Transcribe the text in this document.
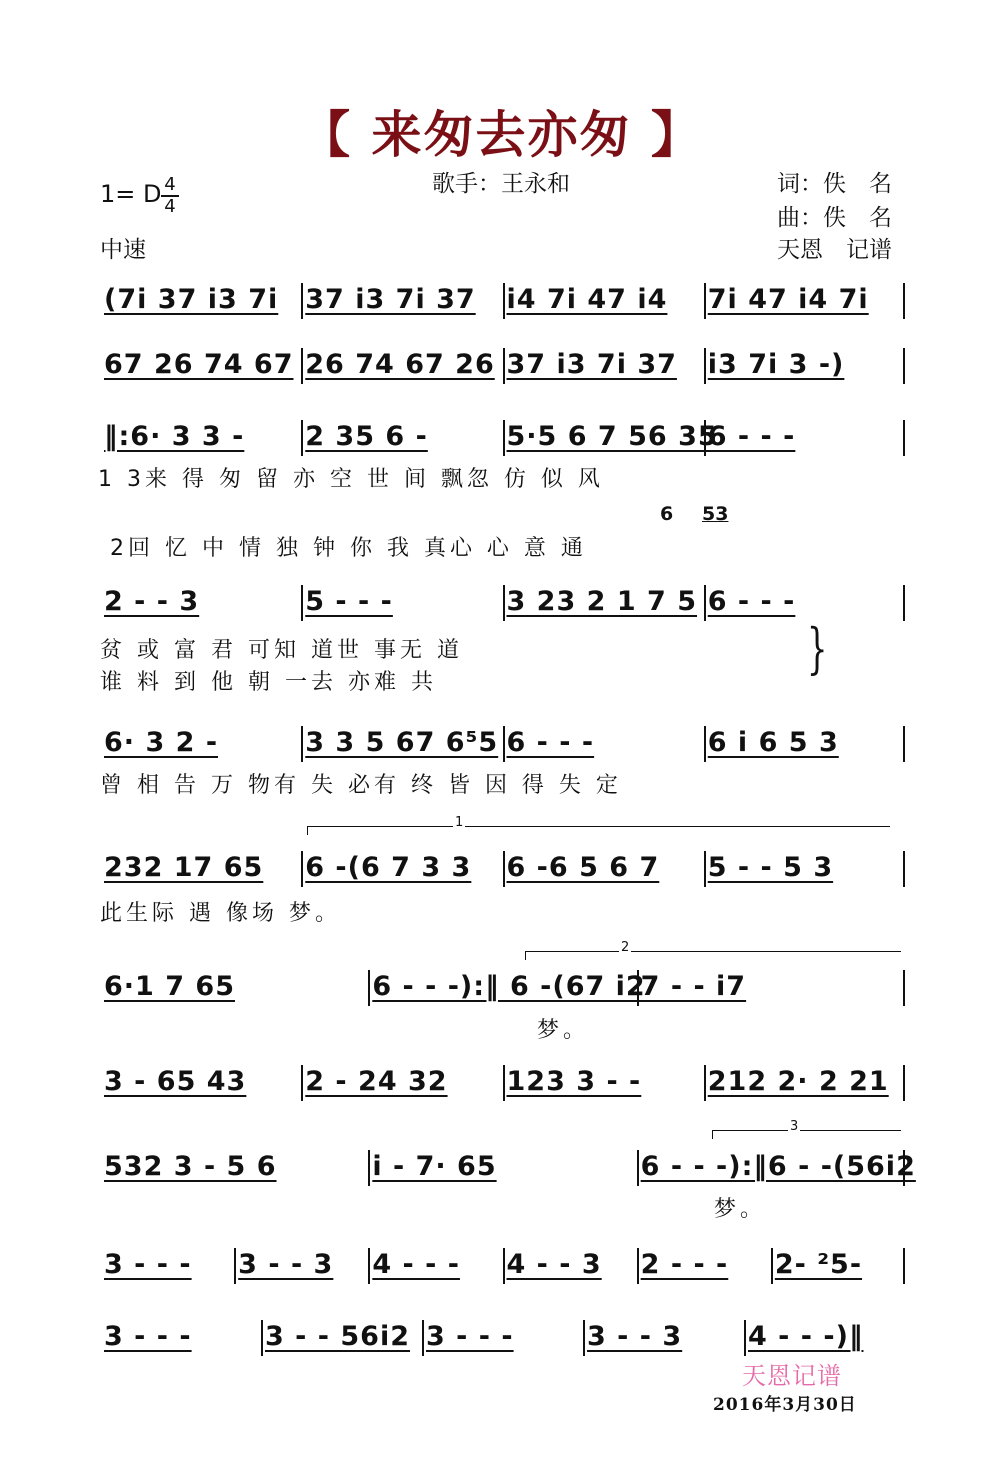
【 来匆去亦匆 】
歌手：王永和	词：佚　名
曲：佚　名
天恩　记谱
1= D 4
4
中速
(7i 37 i3 7i	37 i3 7i 37	i4 7i 47 i4	7i 47 i4 7i
67 26 74 67 26 74 67 26 37 i3 7i 37	i3 7i 3 -)
‖:6· 3 3 -	2 35 6 -	5·5 6 7 56 35
6 - - -
2 - - 3	5 - - -	3 23 2 1 7 5 6 - - -
6· 3 2 -	3 3 5 67 6⁵5 6 - - -	6 i 6 5 3
232 17 65	6 -(6 7 3 3	6 -6 5 6 7	5 - - 5 3
6·1 7 65	6 - - -):‖ 6 -(67 i2
7 - - i7
3 - 65 43	2 - 24 32	123 3 - -	212 2· 2 21
532 3 - 5 6	i - 7· 65	6 - - -):‖6 - -(56i2
3 - - -	3 - - 3	4 - - -	4 - - 3	2 - - -	2- ²5-
3 - - -	3 - - 56i2 3 - - -	3 - - 3	4 - - -)‖
1 3来 得 匆 留 亦 空 世 间 飘忽 仿 似 风
2回 忆 中 情 独 钟 你 我 真心 心 意 通
贫 或 富 君 可知 道世 事无 道
谁 料 到 他 朝 一去 亦难 共
曾 相 告 万 物有 失 必有 终 皆 因 得 失 定
此生际 遇 像场 梦。
梦。
梦。
6 53
}
1
2
3
天恩记谱
2016年3月30日
